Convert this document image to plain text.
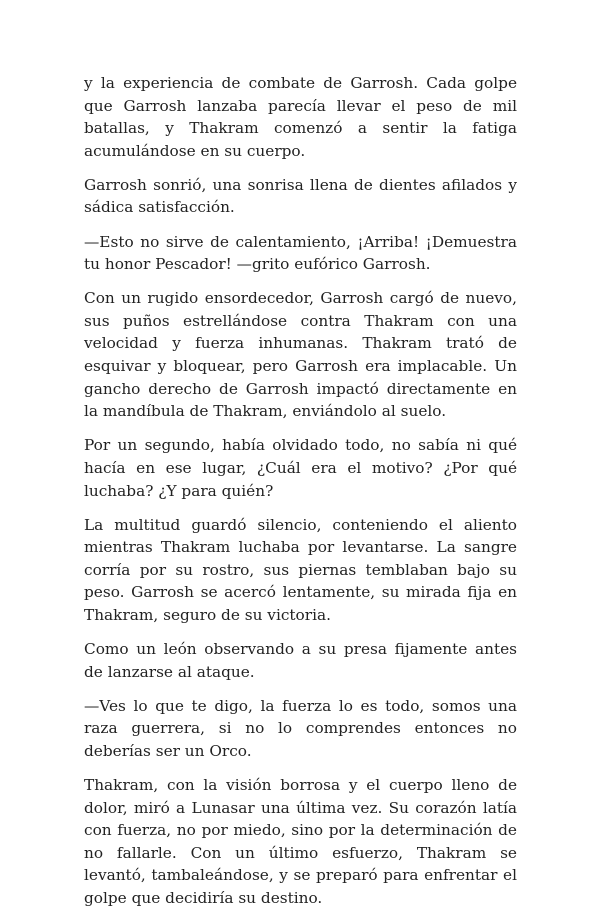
y la experiencia de combate de Garrosh. Cada golpe que Garrosh lanzaba parecía llevar el peso de mil batallas, y Thakram comenzó a sentir la fatiga acumulándose en su cuerpo.

Garrosh sonrió, una sonrisa llena de dientes afilados y sádica satisfacción.

—Esto no sirve de calentamiento, ¡Arriba! ¡Demuestra tu honor Pescador! —grito eufórico Garrosh.

Con un rugido ensordecedor, Garrosh cargó de nuevo, sus puños estrellándose contra Thakram con una velocidad y fuerza inhumanas. Thakram trató de esquivar y bloquear, pero Garrosh era implacable. Un gancho derecho de Garrosh impactó directamente en la mandíbula de Thakram, enviándolo al suelo.

Por un segundo, había olvidado todo, no sabía ni qué hacía en ese lugar, ¿Cuál era el motivo? ¿Por qué luchaba? ¿Y para quién?

La multitud guardó silencio, conteniendo el aliento mientras Thakram luchaba por levantarse. La sangre corría por su rostro, sus piernas temblaban bajo su peso. Garrosh se acercó lentamente, su mirada fija en Thakram, seguro de su victoria.

Como un león observando a su presa fijamente antes de lanzarse al ataque.

—Ves lo que te digo, la fuerza lo es todo, somos una raza guerrera, si no lo comprendes entonces no deberías ser un Orco.

Thakram, con la visión borrosa y el cuerpo lleno de dolor, miró a Lunasar una última vez. Su corazón latía con fuerza, no por miedo, sino por la determinación de no fallarle. Con un último esfuerzo, Thakram se levantó, tambaleándose, y se preparó para enfrentar el golpe que decidiría su destino.
